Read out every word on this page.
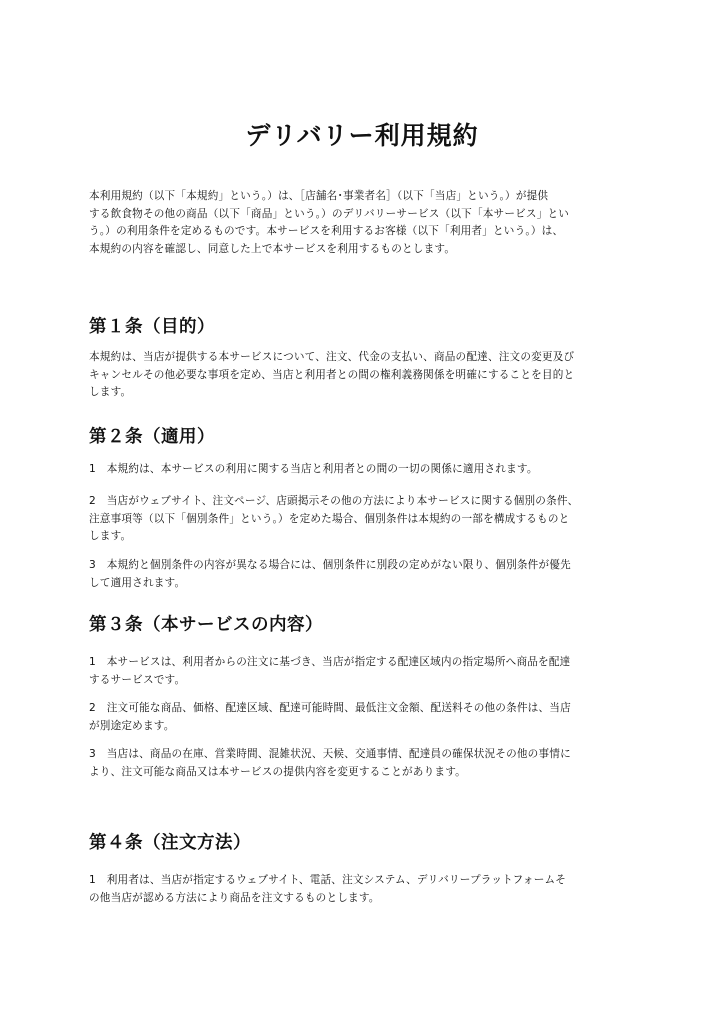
デリバリー利用規約

本利用規約（以下「本規約」という。）は、［店舗名･事業者名］（以下「当店」という。）が提供
する飲食物その他の商品（以下「商品」という。）のデリバリーサービス（以下「本サービス」とい
う。）の利用条件を定めるものです。本サービスを利用するお客様（以下「利用者」という。）は、
本規約の内容を確認し、同意した上で本サービスを利用するものとします。

第１条（目的）

本規約は、当店が提供する本サービスについて、注文、代金の支払い、商品の配達、注文の変更及び
キャンセルその他必要な事項を定め、当店と利用者との間の権利義務関係を明確にすることを目的と
します。

第２条（適用）

1　本規約は、本サービスの利用に関する当店と利用者との間の一切の関係に適用されます。

2　当店がウェブサイト、注文ページ、店頭掲示その他の方法により本サービスに関する個別の条件、
注意事項等（以下「個別条件」という。）を定めた場合、個別条件は本規約の一部を構成するものと
します。

3　本規約と個別条件の内容が異なる場合には、個別条件に別段の定めがない限り、個別条件が優先
して適用されます。

第３条（本サービスの内容）

1　本サービスは、利用者からの注文に基づき、当店が指定する配達区域内の指定場所へ商品を配達
するサービスです。

2　注文可能な商品、価格、配達区域、配達可能時間、最低注文金額、配送料その他の条件は、当店
が別途定めます。

3　当店は、商品の在庫、営業時間、混雑状況、天候、交通事情、配達員の確保状況その他の事情に
より、注文可能な商品又は本サービスの提供内容を変更することがあります。

第４条（注文方法）

1　利用者は、当店が指定するウェブサイト、電話、注文システム、デリバリープラットフォームそ
の他当店が認める方法により商品を注文するものとします。
